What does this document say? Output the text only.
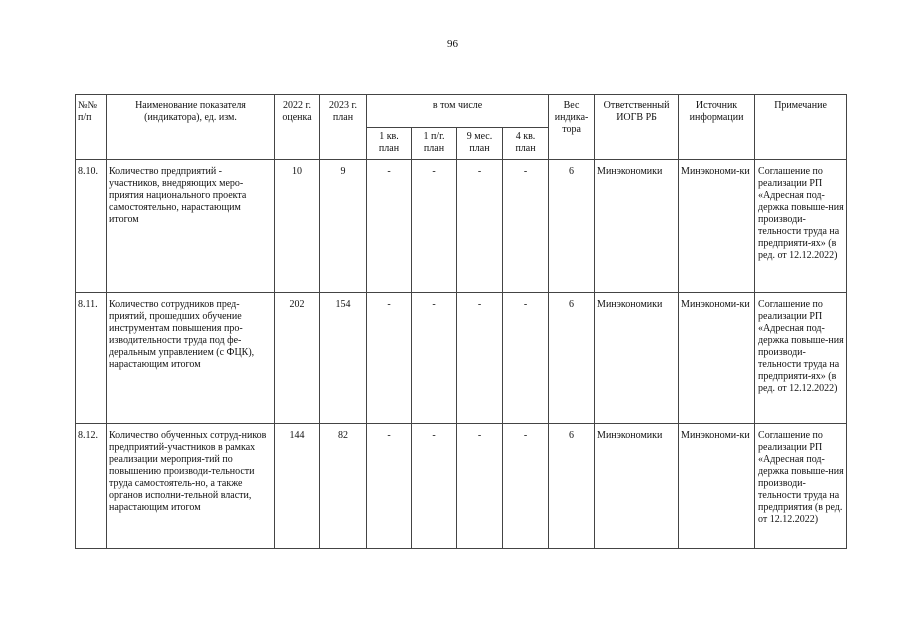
96
№№ п/п	Наименование показателя (индикатора), ед. изм.	2022 г. оценка	2023 г. план	в том числе				Вес индика-тора	Ответственный ИОГВ РБ	Источник информации	Примечание
				1 кв. план	1 п/г. план	9 мес. план	4 кв. план				
8.10.	Количество предприятий - участников, внедряющих меро-приятия национального проекта самостоятельно, нарастающим итогом	10	9	-	-	-	-	6	Минэкономики	Минэкономи-ки	Соглашение по реализации РП «Адресная под-держка повыше-ния производи-тельности труда на предприяти-ях» (в ред. от 12.12.2022)
8.11.	Количество сотрудников пред-приятий, прошедших обучение инструментам повышения про-изводительности труда под фе-деральным управлением (с ФЦК), нарастающим итогом	202	154	-	-	-	-	6	Минэкономики	Минэкономи-ки	Соглашение по реализации РП «Адресная под-держка повыше-ния производи-тельности труда на предприяти-ях» (в ред. от 12.12.2022)
8.12.	Количество обученных сотруд-ников предприятий-участников в рамках реализации мероприя-тий по повышению производи-тельности труда самостоятель-но, а также органов исполни-тельной власти, нарастающим итогом	144	82	-	-	-	-	6	Минэкономики	Минэкономи-ки	Соглашение по реализации РП «Адресная под-держка повыше-ния производи-тельности труда на предприятия (в ред. от 12.12.2022)
